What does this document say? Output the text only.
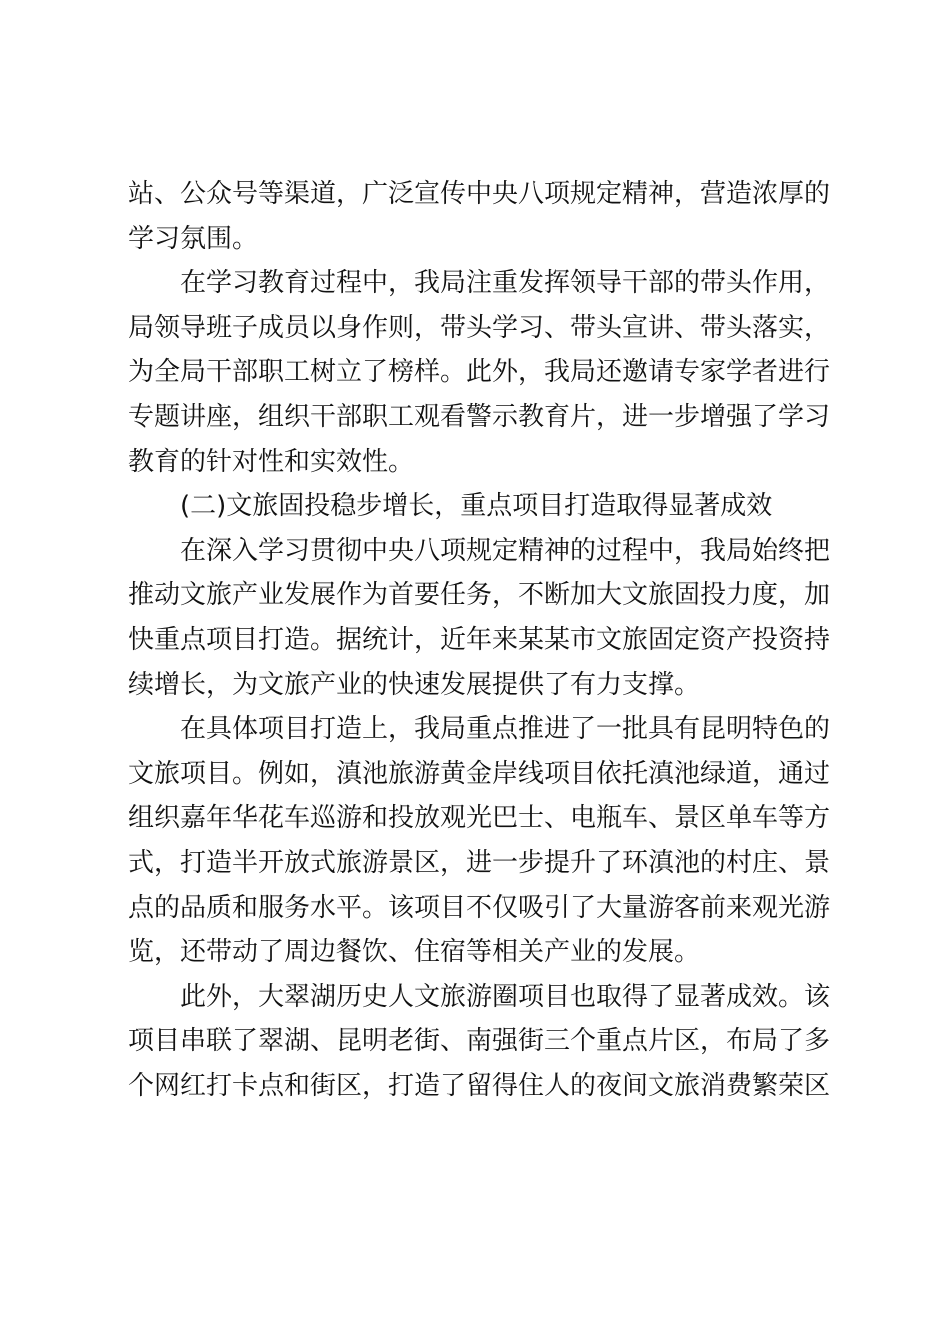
站、公众号等渠道，广泛宣传中央八项规定精神，营造浓厚的
学习氛围。
在学习教育过程中，我局注重发挥领导干部的带头作用，
局领导班子成员以身作则，带头学习、带头宣讲、带头落实，
为全局干部职工树立了榜样。此外，我局还邀请专家学者进行
专题讲座，组织干部职工观看警示教育片，进一步增强了学习
教育的针对性和实效性。
(二)文旅固投稳步增长，重点项目打造取得显著成效
在深入学习贯彻中央八项规定精神的过程中，我局始终把
推动文旅产业发展作为首要任务，不断加大文旅固投力度，加
快重点项目打造。据统计，近年来某某市文旅固定资产投资持
续增长，为文旅产业的快速发展提供了有力支撑。
在具体项目打造上，我局重点推进了一批具有昆明特色的
文旅项目。例如，滇池旅游黄金岸线项目依托滇池绿道，通过
组织嘉年华花车巡游和投放观光巴士、电瓶车、景区单车等方
式，打造半开放式旅游景区，进一步提升了环滇池的村庄、景
点的品质和服务水平。该项目不仅吸引了大量游客前来观光游
览，还带动了周边餐饮、住宿等相关产业的发展。
此外，大翠湖历史人文旅游圈项目也取得了显著成效。该
项目串联了翠湖、昆明老街、南强街三个重点片区，布局了多
个网红打卡点和街区，打造了留得住人的夜间文旅消费繁荣区
